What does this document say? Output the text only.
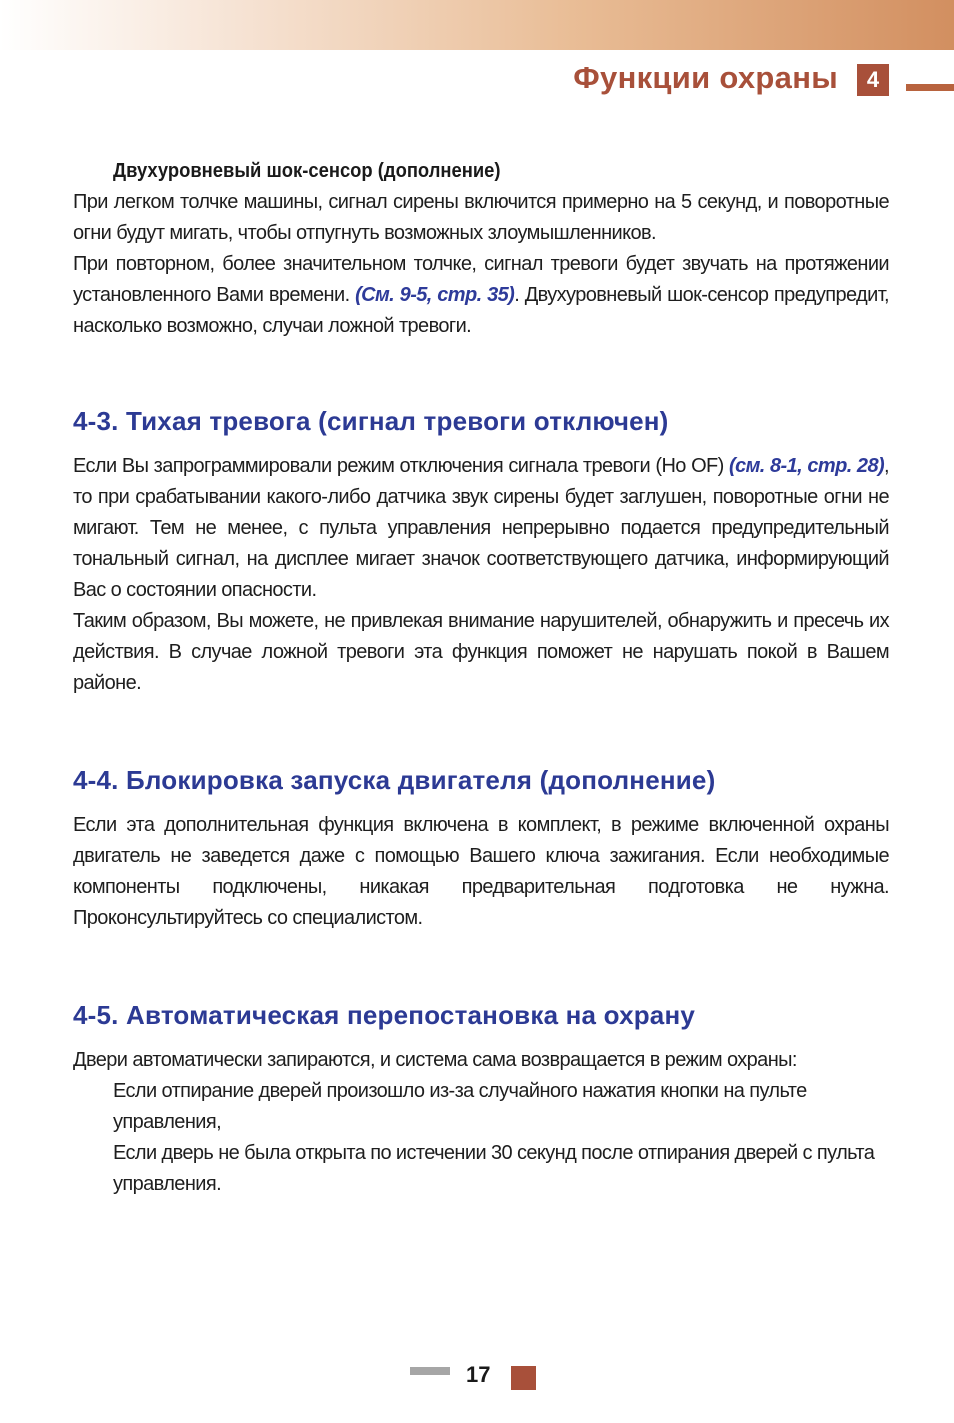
Функции охраны	4
Двухуровневый шок-сенсор (дополнение)

При легком толчке машины, сигнал сирены включится примерно на 5 секунд, и поворотные огни будут мигать, чтобы отпугнуть возможных злоумышленников.

При повторном, более значительном толчке, сигнал тревоги будет звучать на протяжении установленного Вами времени. (См. 9-5, стр. 35). Двухуровневый шок-сенсор предупредит, насколько возможно, случаи ложной тревоги.

4-3. Тихая тревога (сигнал тревоги отключен)

Если Вы запрограммировали режим отключения сигнала тревоги (Но OF) (см. 8-1, стр. 28), то при срабатывании какого-либо датчика звук сирены будет заглушен, поворотные огни не мигают. Тем не менее, с пульта управления непрерывно подается предупредительный тональный сигнал, на дисплее мигает значок соответствующего датчика, информирующий Вас о состоянии опасности.

Таким образом, Вы можете, не привлекая внимание нарушителей, обнаружить и пресечь их действия. В случае ложной тревоги эта функция поможет не нарушать покой в Вашем районе.

4-4. Блокировка запуска двигателя (дополнение)

Если эта дополнительная функция включена в комплект, в режиме включенной охраны двигатель не заведется даже с помощью Вашего ключа зажигания. Если необходимые компоненты подключены, никакая предварительная подготовка не нужна. Проконсультируйтесь со специалистом.

4-5. Автоматическая перепостановка на охрану

Двери автоматически запираются, и система сама возвращается в режим охраны:

Если отпирание дверей произошло из-за случайного нажатия кнопки на пульте управления,

Если дверь не была открыта по истечении 30 секунд после отпирания дверей с пульта управления.

17
